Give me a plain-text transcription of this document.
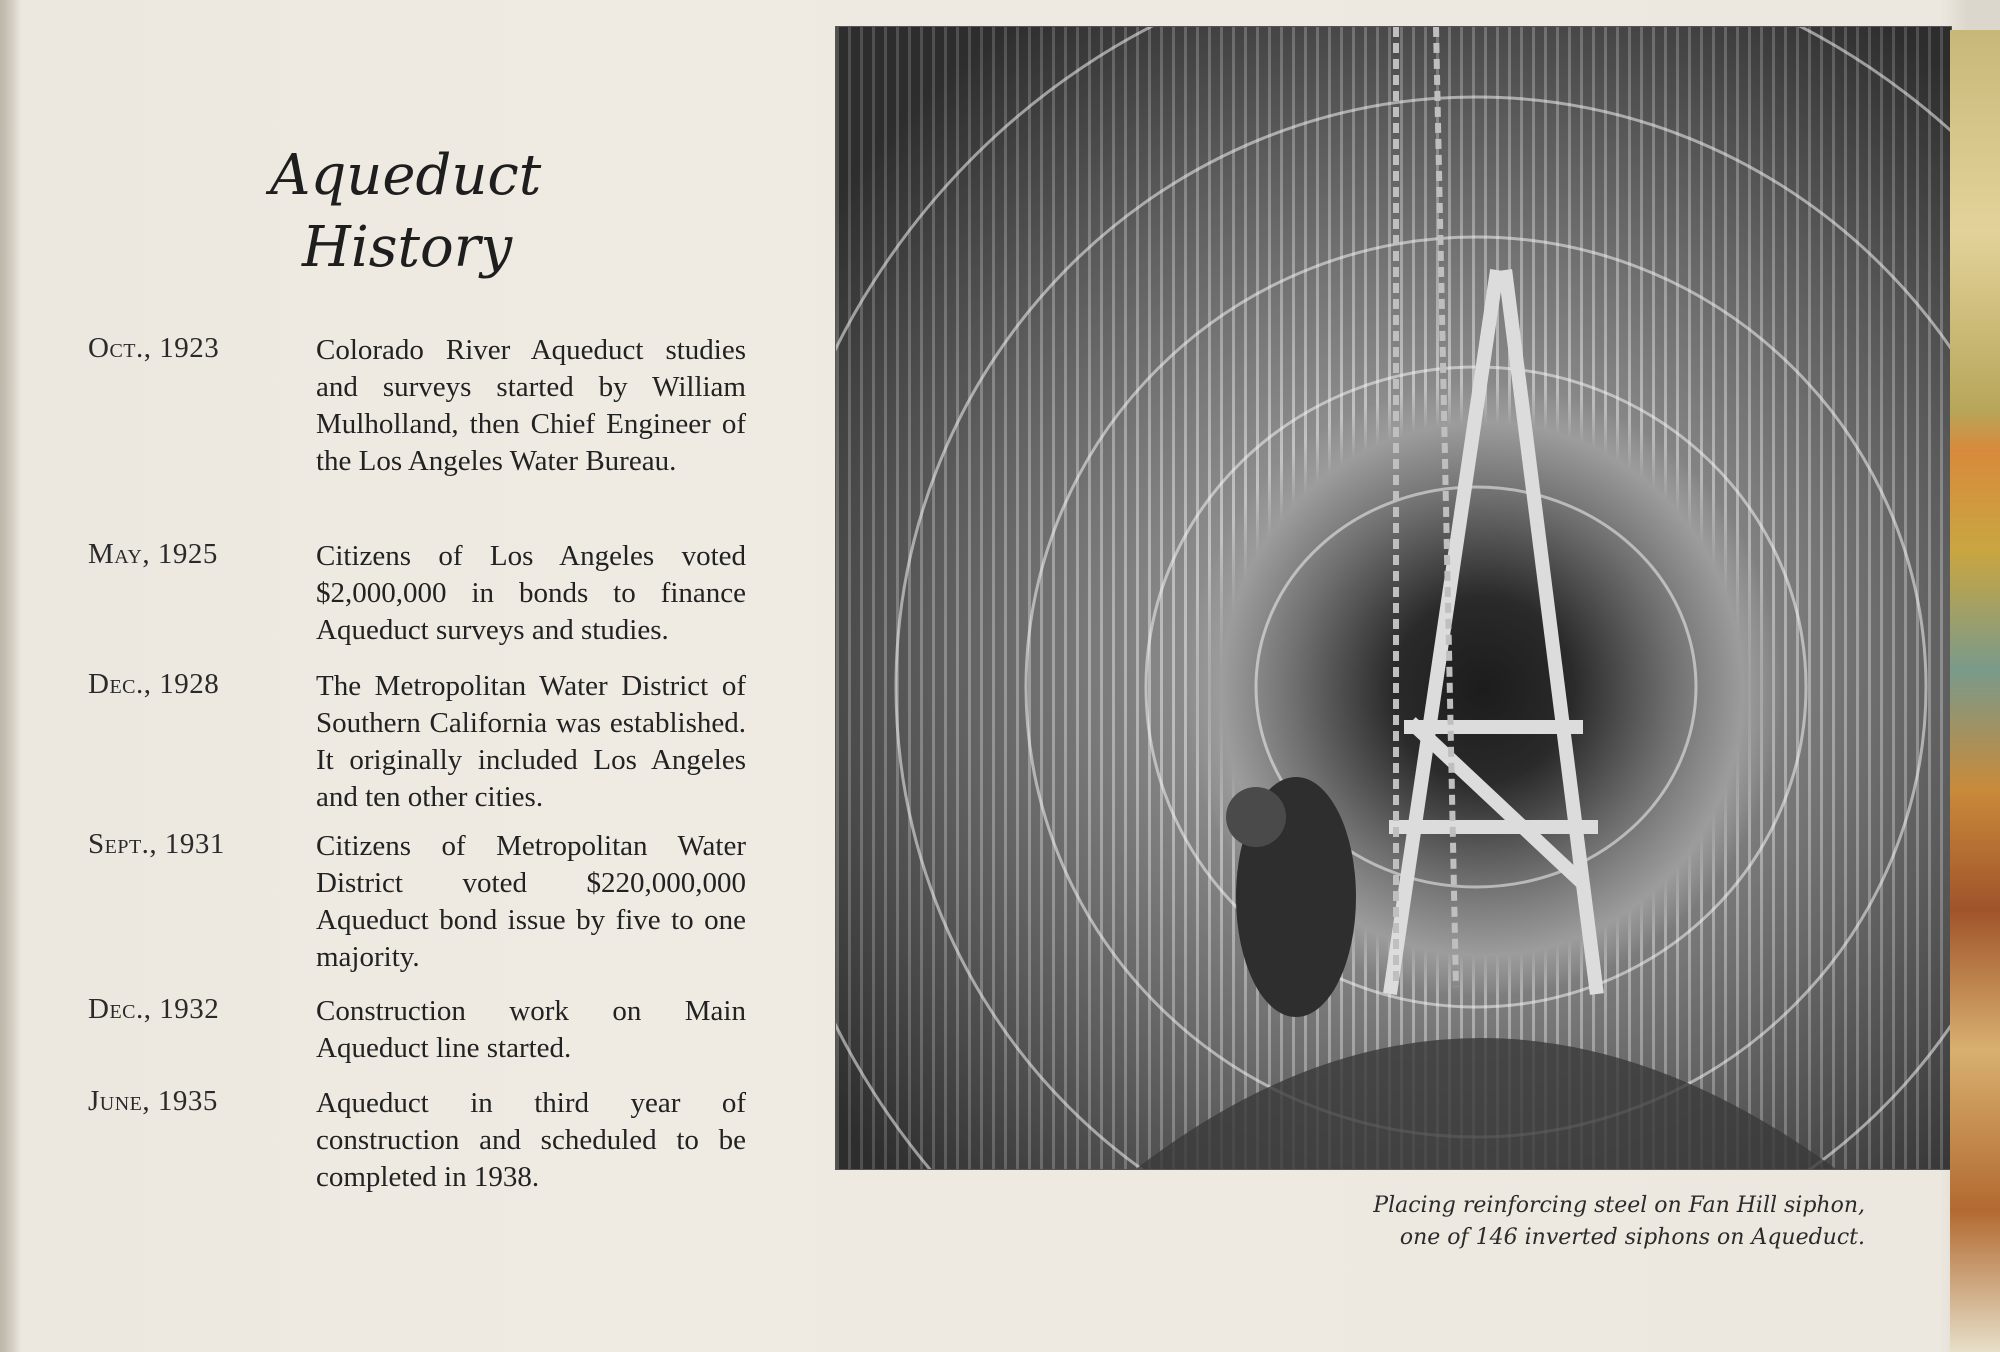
Aqueduct
History
Oct., 1923	Colorado River Aqueduct studies and surveys started by William Mulholland, then Chief Engineer of the Los Angeles Water Bureau.

May, 1925	Citizens of Los Angeles voted $2,000,000 in bonds to finance Aqueduct surveys and studies.

Dec., 1928	The Metropolitan Water District of Southern California was established. It originally included Los Angeles and ten other cities.

Sept., 1931	Citizens of Metropolitan Water District voted $220,000,000 Aqueduct bond issue by five to one majority.

Dec., 1932	Construction work on Main Aqueduct line started.

June, 1935	Aqueduct in third year of construction and scheduled to be completed in 1938.

Placing reinforcing steel on Fan Hill siphon,
one of 146 inverted siphons on Aqueduct.
